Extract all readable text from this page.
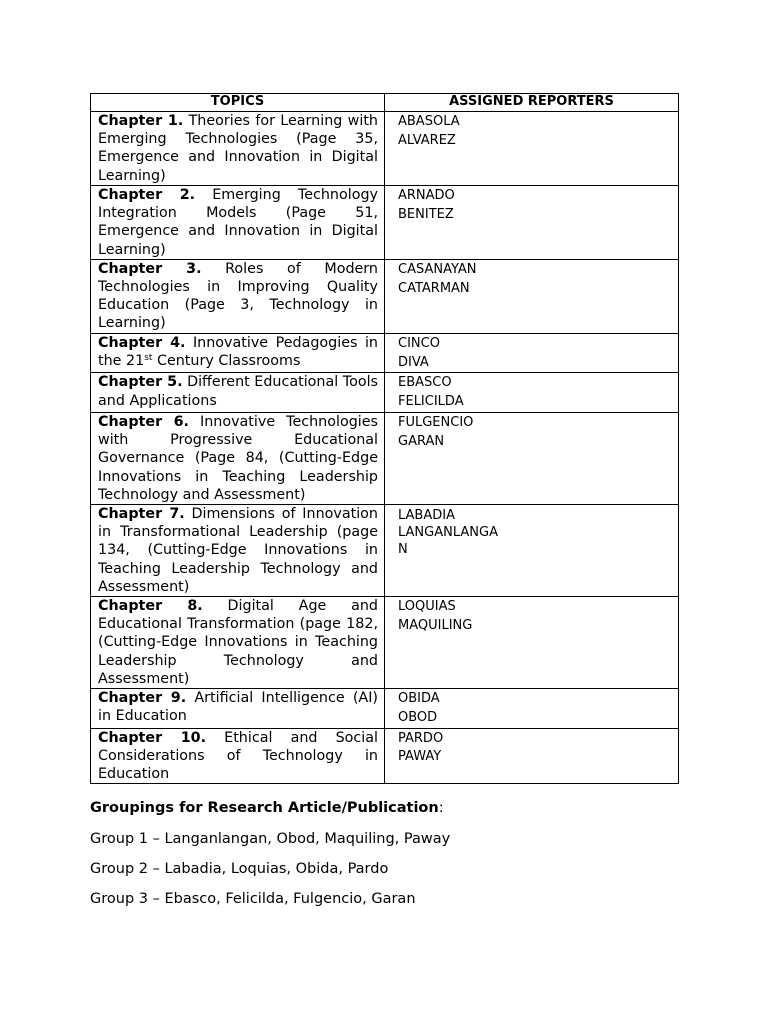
TOPICS	ASSIGNED REPORTERS
Chapter 1. Theories for Learning with Emerging Technologies (Page 35, Emergence and Innovation in Digital Learning)	ABASOLA
ALVAREZ

Chapter 2. Emerging Technology Integration Models (Page 51, Emergence and Innovation in Digital Learning)	ARNADO
BENITEZ

Chapter 3. Roles of Modern Technologies in Improving Quality Education (Page 3, Technology in Learning)	CASANAYAN
CATARMAN

Chapter 4. Innovative Pedagogies in the 21st Century Classrooms	CINCO
DIVA

Chapter 5. Different Educational Tools and Applications	EBASCO
FELICILDA

Chapter 6. Innovative Technologies with Progressive Educational Governance (Page 84, (Cutting-Edge Innovations in Teaching Leadership Technology and Assessment)	FULGENCIO
GARAN

Chapter 7. Dimensions of Innovation in Transformational Leadership (page 134, (Cutting-Edge Innovations in Teaching Leadership Technology and Assessment)	LABADIA
LANGANLANGA
N

Chapter 8. Digital Age and Educational Transformation (page 182, (Cutting-Edge Innovations in Teaching Leadership Technology and Assessment)	LOQUIAS
MAQUILING

Chapter 9. Artificial Intelligence (AI) in Education	OBIDA
OBOD

Chapter 10. Ethical and Social Considerations of Technology in Education	PARDO
PAWAY
Groupings for Research Article/Publication:
Group 1 – Langanlangan, Obod, Maquiling, Paway
Group 2 – Labadia, Loquias, Obida, Pardo
Group 3 – Ebasco, Felicilda, Fulgencio, Garan
